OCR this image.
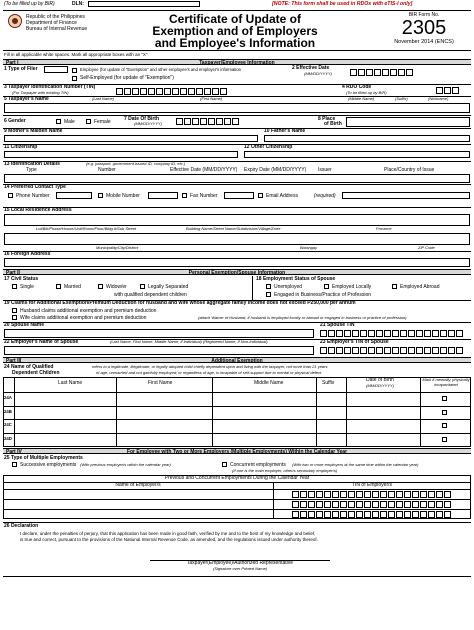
(To be filled up by BIR)	DLN:	[NOTE: This form shall be used in RDOs with eTIS-I only]
Republic of the Philippines
Department of Finance
Bureau of Internal Revenue
Certificate of Update of
Exemption and of Employers
and Employee's Information
BIR Form No.
2305
November 2014 (ENCS)
Fill in all applicable white spaces. Mark all appropriate boxes with an "X"
Part I	Taxpayer/Employee Information
1 Type of Filer	Employee (for update of "Exemption" and other employee's and employer's information
Self-Employed (for update of "Exemption")
2 Effective Date
(MM/DD/YYYY)
3 Taxpayer Identification Number (TIN)
(For Taxpayer with existing TIN)
4 RDO Code
(To be filled up by BIR)
5 Taxpayer's Name	(Last Name)	(First Name)	(Middle Name)	(Suffix)	(Nickname)
6 Gender	Male	Female	7 Date Of Birth
(MM/DD/YYYY)
8 Place
of Birth
9 Mother's Maiden Name	10 Father's Name
11 Citizenship	12 Other Citizenship
13 Identification Details	(e.g. passport, government issued ID, company ID, etc.)
Type	Number	Effective Date (MM/DD/YYYY) Expiry Date (MM/DD/YYYY) Issuer	Place/Country of Issue
14 Preferred Contact Type
Phone Number	Mobile Number	Fax Number	Email Address	(required)
15 Local Residence Address
Lot/Blk/Phase/House/Unit/Room/Floor/Bldg.#/Sub Street	Building Name/Street Name/Subdivision/Village/Zone	Province
Municipality/City/District	Barangay	ZIP Code
16 Foreign Address
Part II	Personal Exemption/Spouse Information
17 Civil Status
Single	Married	Widow/er	Legally Separated
with qualified dependent children
18 Employment Status of Spouse
Unemployed	Employed Locally	Employed Abroad
Engaged in Business/Practice of Profession
19 Claims for Additional Exemption/Premium Deduction for husband and wife whose aggregate family income does not exceed P250,000 per annum
Husband claims additional exemption and premium deduction
Wife claims additional exemption and premium deduction	(attach Waiver of Husband, if husband is employed locally or abroad or engaged in business or practice of profession)
20 Spouse Name	21 Spouse TIN
22 Employer's Name of Spouse	(Last Name, First Name, Middle Name, if Individual) (Registered Name, if Non-Individual)	23 Employer's TIN of Spouse
Part III	Additional Exemption
24 Name of Qualified
Dependent Children
refers to a legitimate, illegitimate, or legally adopted child chiefly dependent upon and living with the taxpayer, not more than 21 years
of age, unmarried and not gainfully employed; or regardless of age, is incapable of self-support due to mental or physical defect
Last Name	First Name	Middle Name	Suffix	Date of Birth
(MM/DD/YYYY)
Mark if mentally, physically incapacitated
24A
24B
24C
24D
Part IV	For Employee with Two or More Employers (Multiple Employments) Within the Calendar Year
25 Type of Multiple Employments
Successive employments (With previous employer/s within the calendar year)	Concurrent employments (With two or more employers at the same time within the calendar year)
(If one is the main employer, other/s secondary employer/s)
Previous and Concurrent Employments During the Calendar Year
Name of Employer/s	TIN of Employer/s
26 Declaration
I declare, under the penalties of perjury, that this application has been made in good faith, verified by me and to the best of my knowledge and belief,
is true and correct, pursuant to the provisions of the National Internal Revenue Code, as amended, and the regulations issued under authority thereof.
Taxpayer(Employee)/Authorized Representative
(Signature over Printed Name)
